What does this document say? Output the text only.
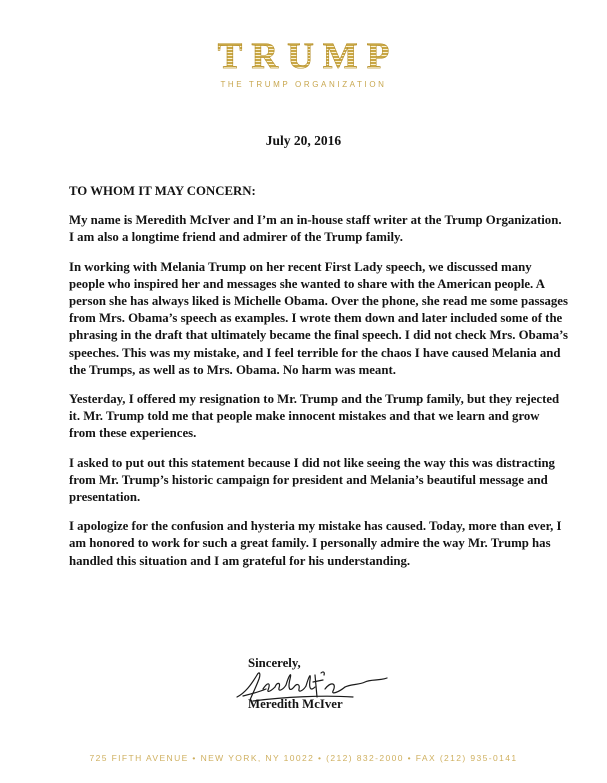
TRUMP
THE TRUMP ORGANIZATION
July 20, 2016

TO WHOM IT MAY CONCERN:

My name is Meredith McIver and I’m an in-house staff writer at the Trump Organization. I am also a longtime friend and admirer of the Trump family.

In working with Melania Trump on her recent First Lady speech, we discussed many people who inspired her and messages she wanted to share with the American people. A person she has always liked is Michelle Obama. Over the phone, she read me some passages from Mrs. Obama’s speech as examples. I wrote them down and later included some of the phrasing in the draft that ultimately became the final speech. I did not check Mrs. Obama’s speeches. This was my mistake, and I feel terrible for the chaos I have caused Melania and the Trumps, as well as to Mrs. Obama. No harm was meant.

Yesterday, I offered my resignation to Mr. Trump and the Trump family, but they rejected it. Mr. Trump told me that people make innocent mistakes and that we learn and grow from these experiences.

I asked to put out this statement because I did not like seeing the way this was distracting from Mr. Trump’s historic campaign for president and Melania’s beautiful message and presentation.

I apologize for the confusion and hysteria my mistake has caused. Today, more than ever, I am honored to work for such a great family. I personally admire the way Mr. Trump has handled this situation and I am grateful for his understanding.

Sincerely,
Meredith McIver
725 FIFTH AVENUE • NEW YORK, NY 10022 • (212) 832-2000 • FAX (212) 935-0141
